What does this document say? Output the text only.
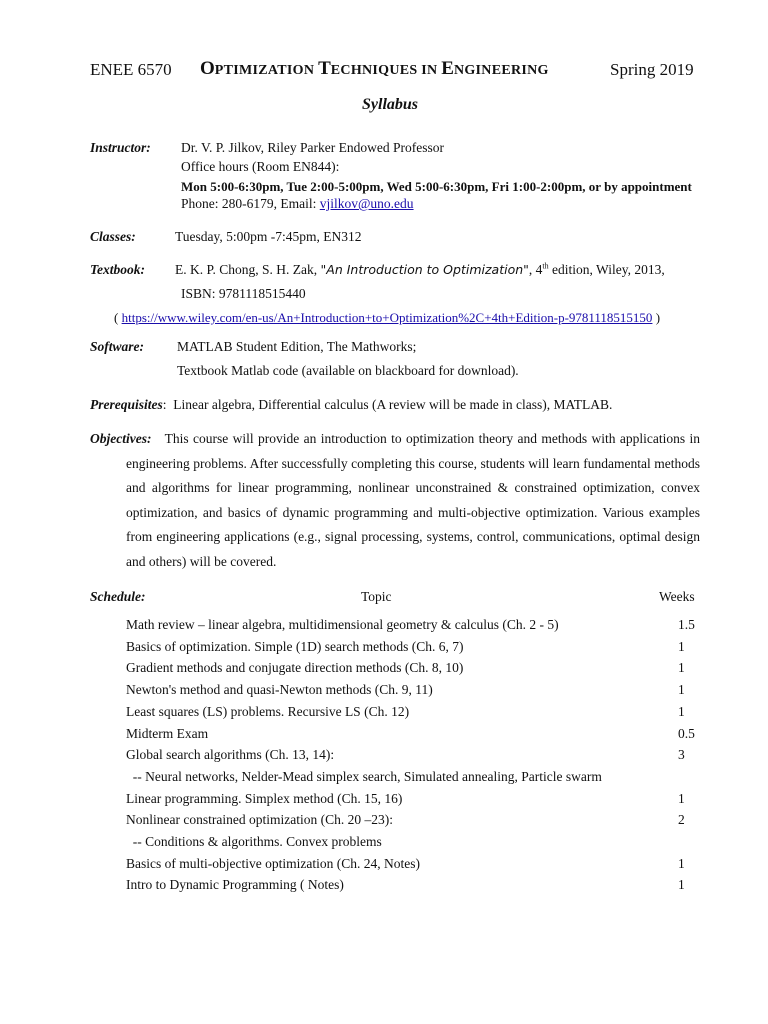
ENEE 6570 OPTIMIZATION TECHNIQUES IN ENGINEERING	Spring 2019
Syllabus
Instructor: Dr. V. P. Jilkov, Riley Parker Endowed Professor
Office hours (Room EN844):
Mon 5:00-6:30pm, Tue 2:00-5:00pm, Wed 5:00-6:30pm, Fri 1:00-2:00pm, or by appointment
Phone: 280-6179, Email: vjilkov@uno.edu
Classes:	Tuesday, 5:00pm -7:45pm, EN312
Textbook: E. K. P. Chong, S. H. Zak, "An Introduction to Optimization", 4th edition, Wiley, 2013,
ISBN: 9781118515440
( https://www.wiley.com/en-us/An+Introduction+to+Optimization%2C+4th+Edition-p-9781118515150 )
Software: MATLAB Student Edition, The Mathworks;
Textbook Matlab code (available on blackboard for download).
Prerequisites: Linear algebra, Differential calculus (A review will be made in class), MATLAB.
Objectives: This course will provide an introduction to optimization theory and methods with applications in engineering problems. After successfully completing this course, students will learn fundamental methods and algorithms for linear programming, nonlinear unconstrained & constrained optimization, convex optimization, and basics of dynamic programming and multi-objective optimization. Various examples from engineering applications (e.g., signal processing, systems, control, communications, optimal design and others) will be covered.
Schedule:	Topic	Weeks
Math review – linear algebra, multidimensional geometry & calculus (Ch. 2 - 5)	1.5
Basics of optimization. Simple (1D) search methods (Ch. 6, 7)	1
Gradient methods and conjugate direction methods (Ch. 8, 10)	1
Newton's method and quasi-Newton methods (Ch. 9, 11)	1
Least squares (LS) problems. Recursive LS (Ch. 12)	1
Midterm Exam	0.5
Global search algorithms (Ch. 13, 14):	3
-- Neural networks, Nelder-Mead simplex search, Simulated annealing, Particle swarm
Linear programming. Simplex method (Ch. 15, 16)	1
Nonlinear constrained optimization (Ch. 20 –23):	2
-- Conditions & algorithms. Convex problems
Basics of multi-objective optimization (Ch. 24, Notes)	1
Intro to Dynamic Programming ( Notes)	1
